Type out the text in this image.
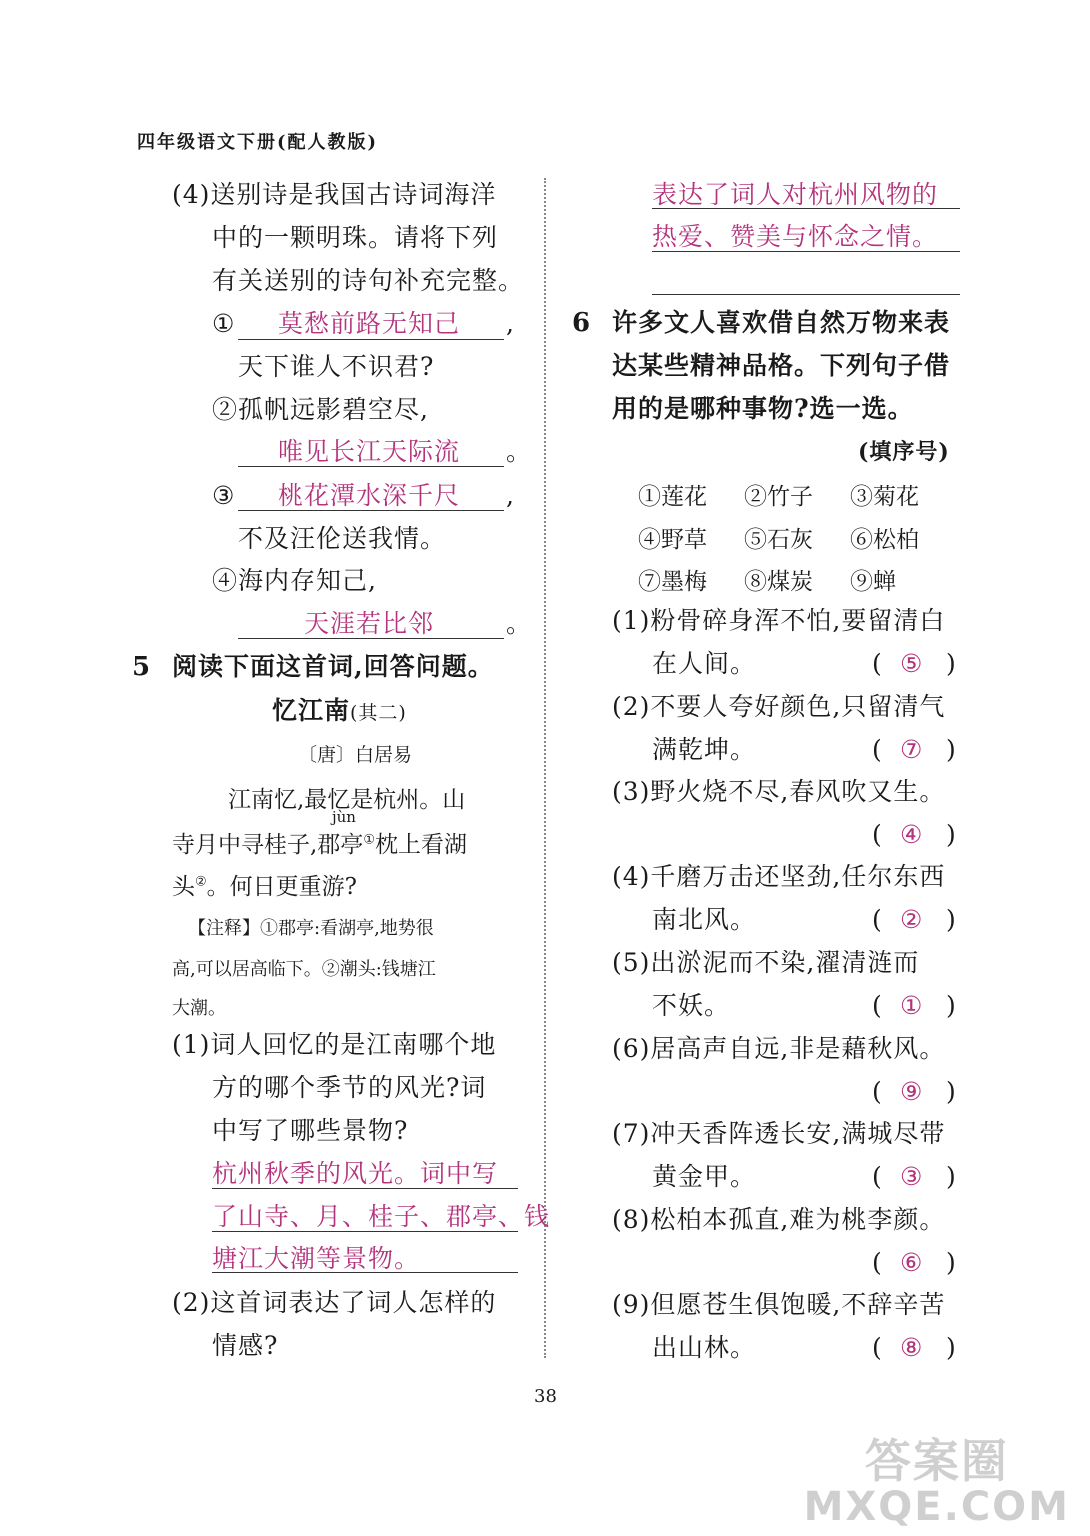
四年级语文下册(配人教版)
(4)送别诗是我国古诗词海洋
中的一颗明珠。请将下列
有关送别的诗句补充完整。
① 莫愁前路无知己 ,
天下谁人不识君?
②孤帆远影碧空尽,
唯见长江天际流 。
③ 桃花潭水深千尺 ,
不及汪伦送我情。
④海内存知己,
天涯若比邻	。
5 阅读下面这首词,回答问题。
忆江南(其二)
〔唐〕白居易
江南忆,最忆是杭州。山
jùn
寺月中寻桂子,郡亭①枕上看湖
头②。何日更重游?
【注释】①郡亭:看湖亭,地势很
高,可以居高临下。②潮头:钱塘江
大潮。
(1)词人回忆的是江南哪个地
方的哪个季节的风光?词
中写了哪些景物?
杭州秋季的风光。词中写
了山寺、月、桂子、郡亭、钱
塘江大潮等景物。
(2)这首词表达了词人怎样的
情感?
表达了词人对杭州风物的
热爱、赞美与怀念之情。
6 许多文人喜欢借自然万物来表
达某些精神品格。下列句子借
用的是哪种事物?选一选。
(填序号)
①莲花 ②竹子 ③菊花
④野草 ⑤石灰 ⑥松柏
⑦墨梅 ⑧煤炭 ⑨蝉
(1)粉骨碎身浑不怕,要留清白
在人间。	( ⑤ )
(2)不要人夸好颜色,只留清气
满乾坤。	( ⑦ )
(3)野火烧不尽,春风吹又生。
( ④ )
(4)千磨万击还坚劲,任尔东西
南北风。	( ② )
(5)出淤泥而不染,濯清涟而
不妖。	( ① )
(6)居高声自远,非是藉秋风。
( ⑨ )
(7)冲天香阵透长安,满城尽带
黄金甲。	( ③ )
(8)松柏本孤直,难为桃李颜。
( ⑥ )
(9)但愿苍生俱饱暖,不辞辛苦
出山林。	( ⑧ )
38
答案圈
MXQE.COM
